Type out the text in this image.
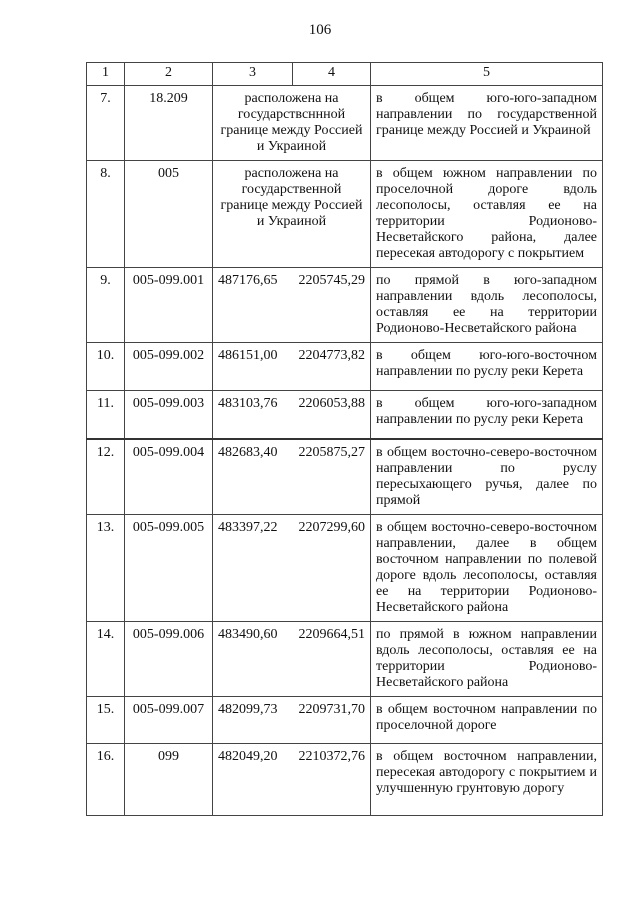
106
1	2	3	4	5
7.	18.209	расположена на государствсннной границе между Россией и Украиной		в общем юго-юго-западном направлении по государственной границе между Россией и Украиной
8.	005	расположена на государственной границе между Россией и Украиной		в общем южном направлении по проселочной дороге вдоль лесополосы, оставляя ее на территории Родионово-Несветайского района, далее пересекая автодорогу с покрытием
9.	005-099.001	487176,65	2205745,29	по прямой в юго-западном направлении вдоль лесополосы, оставляя ее на территории Родионово-Несветайского района
10.	005-099.002	486151,00	2204773,82	в общем юго-юго-восточном направлении по руслу реки Керета
11.	005-099.003	483103,76	2206053,88	в общем юго-юго-западном направлении по руслу реки Керета
12.	005-099.004	482683,40	2205875,27	в общем восточно-северо-восточном направлении по руслу пересыхающего ручья, далее по прямой
13.	005-099.005	483397,22	2207299,60	в общем восточно-северо-восточном направлении, далее в общем восточном направлении по полевой дороге вдоль лесополосы, оставляя ее на территории Родионово-Несветайского района
14.	005-099.006	483490,60	2209664,51	по прямой в южном направлении вдоль лесополосы, оставляя ее на территории Родионово-Несветайского района
15.	005-099.007	482099,73	2209731,70	в общем восточном направлении по проселочной дороге
16.	099	482049,20	2210372,76	в общем восточном направлении, пересекая автодорогу с покрытием и улучшенную грунтовую дорогу
